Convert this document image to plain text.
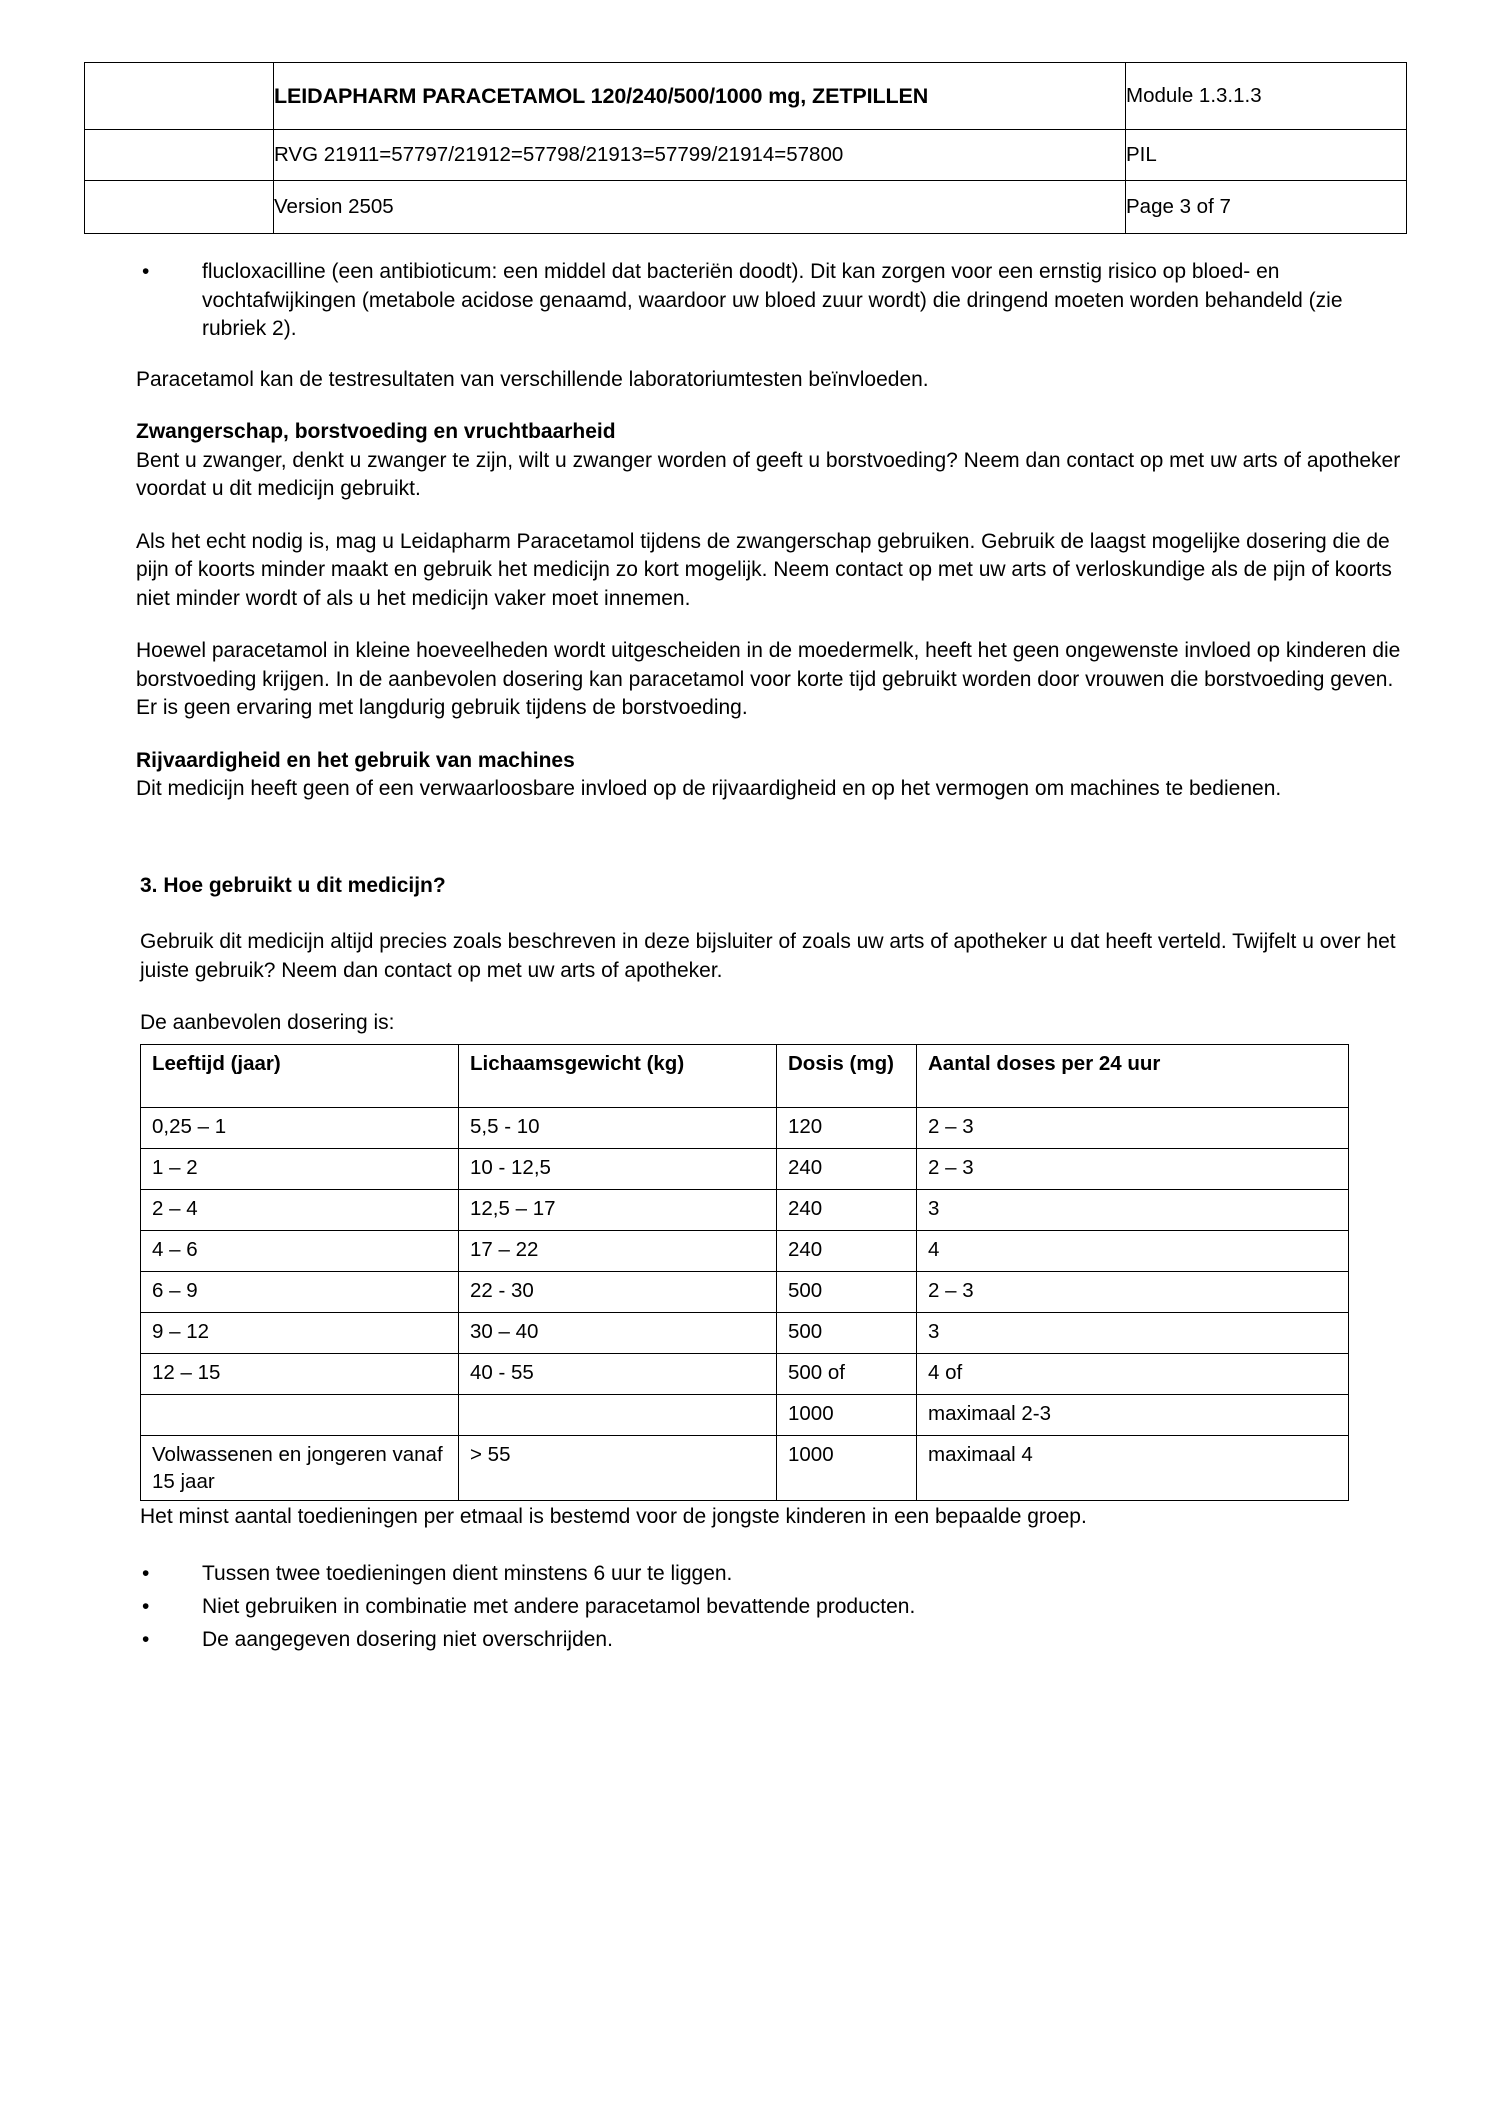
	LEIDAPHARM PARACETAMOL 120/240/500/1000 mg, ZETPILLEN	Module 1.3.1.3
	RVG 21911=57797/21912=57798/21913=57799/21914=57800	PIL
	Version 2505	Page 3 of 7
•	flucloxacilline (een antibioticum: een middel dat bacteriën doodt). Dit kan zorgen voor een ernstig risico op bloed- en vochtafwijkingen (metabole acidose genaamd, waardoor uw bloed zuur wordt) die dringend moeten worden behandeld (zie rubriek 2).

Paracetamol kan de testresultaten van verschillende laboratoriumtesten beïnvloeden.

Zwangerschap, borstvoeding en vruchtbaarheid

Bent u zwanger, denkt u zwanger te zijn, wilt u zwanger worden of geeft u borstvoeding? Neem dan contact op met uw arts of apotheker voordat u dit medicijn gebruikt.

Als het echt nodig is, mag u Leidapharm Paracetamol tijdens de zwangerschap gebruiken. Gebruik de laagst mogelijke dosering die de pijn of koorts minder maakt en gebruik het medicijn zo kort mogelijk. Neem contact op met uw arts of verloskundige als de pijn of koorts niet minder wordt of als u het medicijn vaker moet innemen.

Hoewel paracetamol in kleine hoeveelheden wordt uitgescheiden in de moedermelk, heeft het geen ongewenste invloed op kinderen die borstvoeding krijgen. In de aanbevolen dosering kan paracetamol voor korte tijd gebruikt worden door vrouwen die borstvoeding geven. Er is geen ervaring met langdurig gebruik tijdens de borstvoeding.

Rijvaardigheid en het gebruik van machines

Dit medicijn heeft geen of een verwaarloosbare invloed op de rijvaardigheid en op het vermogen om machines te bedienen.

3. Hoe gebruikt u dit medicijn?

Gebruik dit medicijn altijd precies zoals beschreven in deze bijsluiter of zoals uw arts of apotheker u dat heeft verteld. Twijfelt u over het juiste gebruik? Neem dan contact op met uw arts of apotheker.

De aanbevolen dosering is:

Leeftijd (jaar)	Lichaamsgewicht (kg)	Dosis (mg)	Aantal doses per 24 uur
0,25 – 1	5,5 - 10	120	2 – 3
1 – 2	10 - 12,5	240	2 – 3
2 – 4	12,5 – 17	240	3
4 – 6	17 – 22	240	4
6 – 9	22 - 30	500	2 – 3
9 – 12	30 – 40	500	3
12 – 15	40 - 55	500 of	4 of
		1000	maximaal 2-3
Volwassenen en jongeren vanaf 15 jaar	> 55	1000	maximaal 4

Het minst aantal toedieningen per etmaal is bestemd voor de jongste kinderen in een bepaalde groep.

•	Tussen twee toedieningen dient minstens 6 uur te liggen.
•	Niet gebruiken in combinatie met andere paracetamol bevattende producten.
•	De aangegeven dosering niet overschrijden.
